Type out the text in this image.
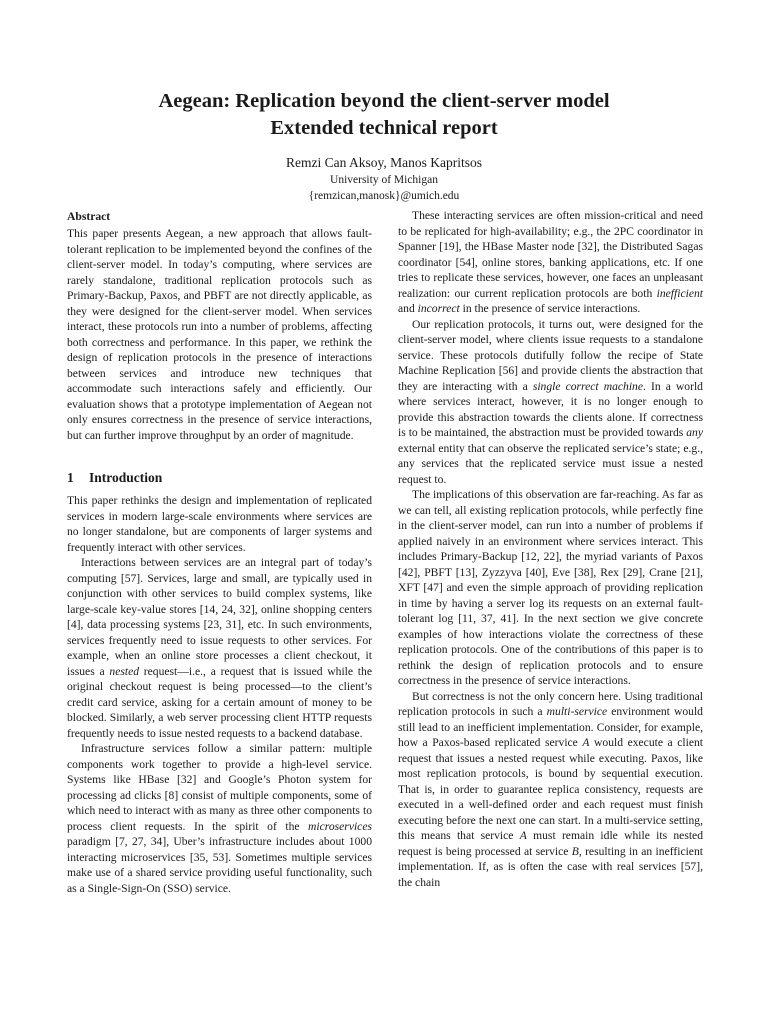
Aegean: Replication beyond the client-server model
Extended technical report
Remzi Can Aksoy, Manos Kapritsos
University of Michigan
{remzican,manosk}@umich.edu
Abstract

This paper presents Aegean, a new approach that allows fault-tolerant replication to be implemented beyond the confines of the client-server model. In today’s computing, where services are rarely standalone, traditional replication protocols such as Primary-Backup, Paxos, and PBFT are not directly applicable, as they were designed for the client-server model. When services interact, these protocols run into a number of problems, affecting both correctness and performance. In this paper, we rethink the design of replication protocols in the presence of interactions between services and introduce new techniques that accommodate such interactions safely and efficiently. Our evaluation shows that a prototype implementation of Aegean not only ensures correctness in the presence of service interactions, but can further improve throughput by an order of magnitude.

1 Introduction

This paper rethinks the design and implementation of replicated services in modern large-scale environments where services are no longer standalone, but are components of larger systems and frequently interact with other services.

Interactions between services are an integral part of today’s computing [57]. Services, large and small, are typically used in conjunction with other services to build complex systems, like large-scale key-value stores [14, 24, 32], online shopping centers [4], data processing systems [23, 31], etc. In such environments, services frequently need to issue requests to other services. For example, when an online store processes a client checkout, it issues a nested request—i.e., a request that is issued while the original checkout request is being processed—to the client’s credit card service, asking for a certain amount of money to be blocked. Similarly, a web server processing client HTTP requests frequently needs to issue nested requests to a backend database.

Infrastructure services follow a similar pattern: multiple components work together to provide a high-level service. Systems like HBase [32] and Google’s Photon system for processing ad clicks [8] consist of multiple components, some of which need to interact with as many as three other components to process client requests. In the spirit of the microservices paradigm [7, 27, 34], Uber’s infrastructure includes about 1000 interacting microservices [35, 53]. Sometimes multiple services make use of a shared service providing useful functionality, such as a Single-Sign-On (SSO) service.

These interacting services are often mission-critical and need to be replicated for high-availability; e.g., the 2PC coordinator in Spanner [19], the HBase Master node [32], the Distributed Sagas coordinator [54], online stores, banking applications, etc. If one tries to replicate these services, however, one faces an unpleasant realization: our current replication protocols are both inefficient and incorrect in the presence of service interactions.

Our replication protocols, it turns out, were designed for the client-server model, where clients issue requests to a standalone service. These protocols dutifully follow the recipe of State Machine Replication [56] and provide clients the abstraction that they are interacting with a single correct machine. In a world where services interact, however, it is no longer enough to provide this abstraction towards the clients alone. If correctness is to be maintained, the abstraction must be provided towards any external entity that can observe the replicated service’s state; e.g., any services that the replicated service must issue a nested request to.

The implications of this observation are far-reaching. As far as we can tell, all existing replication protocols, while perfectly fine in the client-server model, can run into a number of problems if applied naively in an environment where services interact. This includes Primary-Backup [12, 22], the myriad variants of Paxos [42], PBFT [13], Zyzzyva [40], Eve [38], Rex [29], Crane [21], XFT [47] and even the simple approach of providing replication in time by having a server log its requests on an external fault-tolerant log [11, 37, 41]. In the next section we give concrete examples of how interactions violate the correctness of these replication protocols. One of the contributions of this paper is to rethink the design of replication protocols and to ensure correctness in the presence of service interactions.

But correctness is not the only concern here. Using traditional replication protocols in such a multi-service environment would still lead to an inefficient implementation. Consider, for example, how a Paxos-based replicated service A would execute a client request that issues a nested request while executing. Paxos, like most replication protocols, is bound by sequential execution. That is, in order to guarantee replica consistency, requests are executed in a well-defined order and each request must finish executing before the next one can start. In a multi-service setting, this means that service A must remain idle while its nested request is being processed at service B, resulting in an inefficient implementation. If, as is often the case with real services [57], the chain
